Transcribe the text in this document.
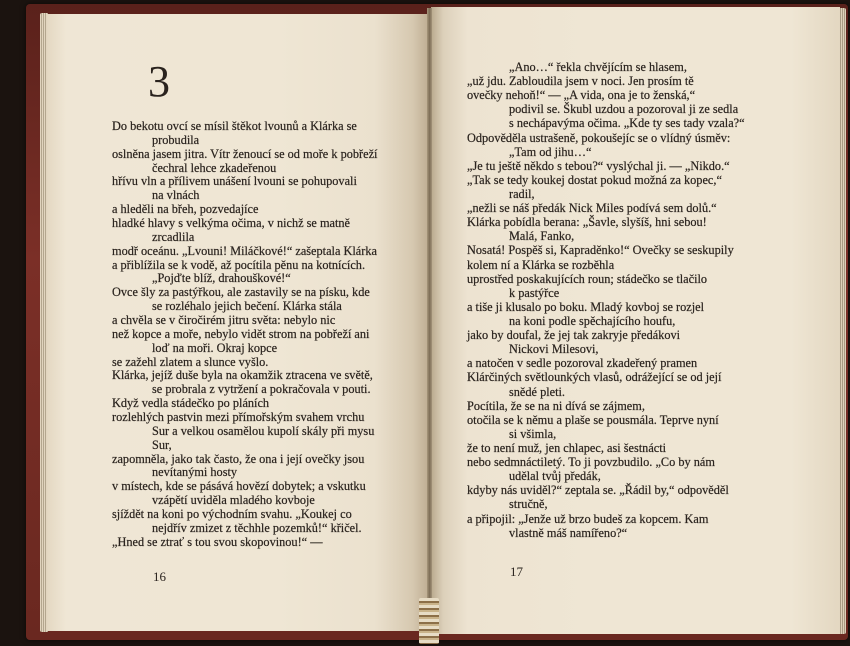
3
Do bekotu ovcí se mísil štěkot lvounů a Klárka se
probudila
oslněna jasem jitra. Vítr ženoucí se od moře k pobřeží
čechral lehce zkadeřenou
hřívu vln a přílivem unášení lvouni se pohupovali
na vlnách
a hleděli na břeh, pozvedajíce
hladké hlavy s velkýma očima, v nichž se matně
zrcadlila
modř oceánu. „Lvouni! Miláčkové!“ zašeptala Klárka
a přiblížila se k vodě, až pocítila pěnu na kotnících.
„Pojďte blíž, drahouškové!“
Ovce šly za pastýřkou, ale zastavily se na písku, kde
se rozléhalo jejich bečení. Klárka stála
a chvěla se v čiročirém jitru světa: nebylo nic
než kopce a moře, nebylo vidět strom na pobřeží ani
loď na moři. Okraj kopce
se zažehl zlatem a slunce vyšlo.
Klárka, jejíž duše byla na okamžik ztracena ve světě,
se probrala z vytržení a pokračovala v pouti.
Když vedla stádečko po pláních
rozlehlých pastvin mezi přímořským svahem vrchu
Sur a velkou osamělou kupolí skály při mysu
Sur,
zapomněla, jako tak často, že ona i její ovečky jsou
nevítanými hosty
v místech, kde se pásává hovězí dobytek; a vskutku
vzápětí uviděla mladého kovboje
sjíždět na koni po východním svahu. „Koukej co
nejdřív zmizet z těchhle pozemků!“ křičel.
„Hned se ztrať s tou svou skopovinou!“ —
„Ano…“ řekla chvějícím se hlasem,
„už jdu. Zabloudila jsem v noci. Jen prosím tě
ovečky nehoň!“ — „A vida, ona je to ženská,“
podivil se. Škubl uzdou a pozoroval ji ze sedla
s nechápavýma očima. „Kde ty ses tady vzala?“
Odpověděla ustrašeně, pokoušejíc se o vlídný úsměv:
„Tam od jihu…“
„Je tu ještě někdo s tebou?“ vyslýchal ji. — „Nikdo.“
„Tak se tedy koukej dostat pokud možná za kopec,“
radil,
„nežli se náš předák Nick Miles podívá sem dolů.“
Klárka pobídla berana: „Šavle, slyšíš, hni sebou!
Malá, Fanko,
Nosatá! Pospěš si, Kapraděnko!“ Ovečky se seskupily
kolem ní a Klárka se rozběhla
uprostřed poskakujících roun; stádečko se tlačilo
k pastýřce
a tiše ji klusalo po boku. Mladý kovboj se rozjel
na koni podle spěchajícího houfu,
jako by doufal, že jej tak zakryje předákovi
Nickovi Milesovi,
a natočen v sedle pozoroval zkadeřený pramen
Klárčiných světlounkých vlasů, odrážející se od její
snědé pleti.
Pocítila, že se na ni dívá se zájmem,
otočila se k němu a plaše se pousmála. Teprve nyní
si všimla,
že to není muž, jen chlapec, asi šestnácti
nebo sedmnáctiletý. To ji povzbudilo. „Co by nám
udělal tvůj předák,
kdyby nás uviděl?“ zeptala se. „Řádil by,“ odpověděl
stručně,
a připojil: „Jenže už brzo budeš za kopcem. Kam
vlastně máš namířeno?“
16	17
